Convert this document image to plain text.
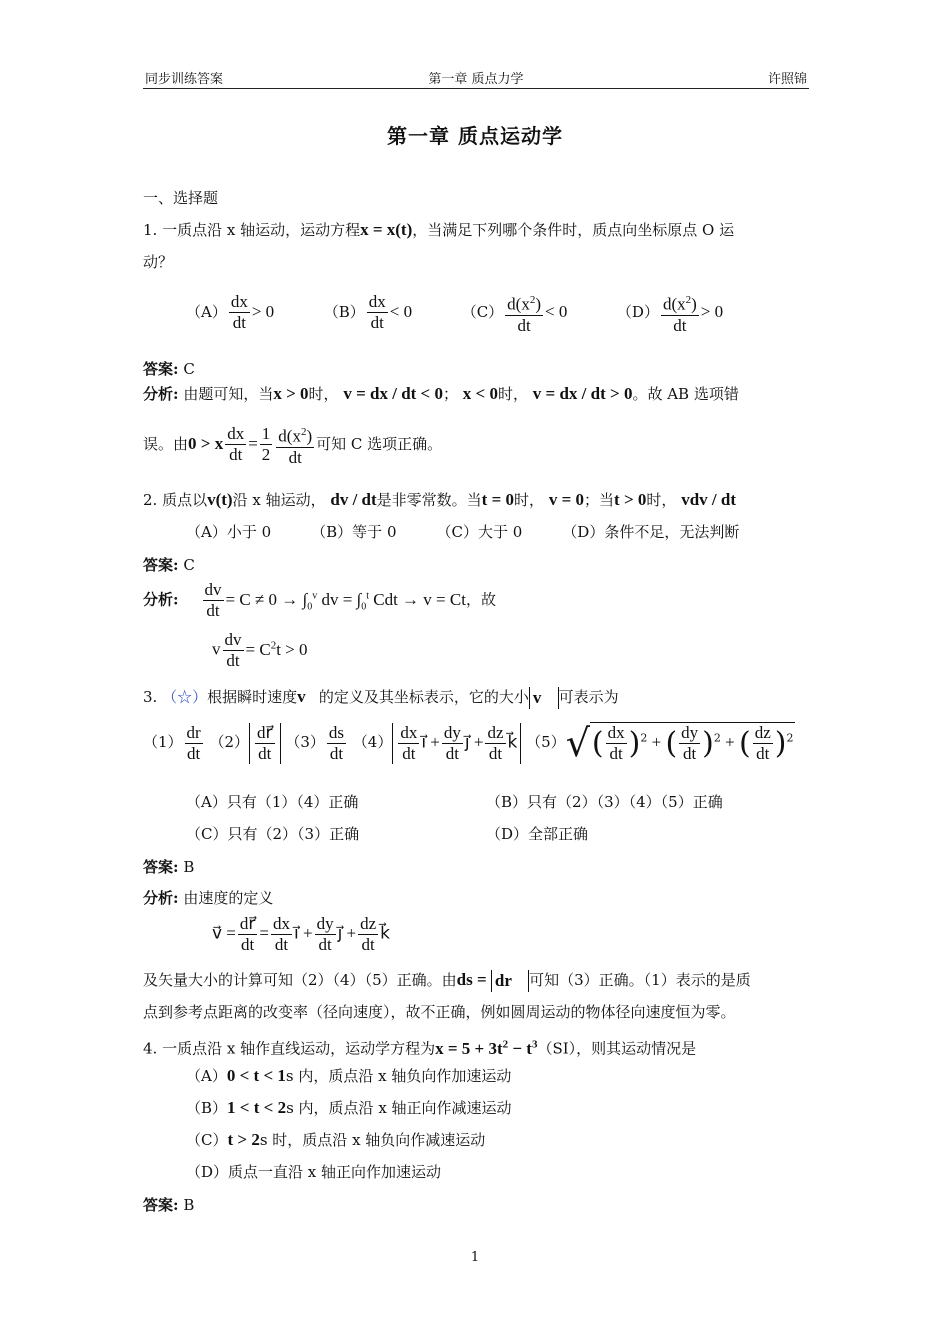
第一章 质点力学
同步训练答案	许照锦
第一章 质点运动学
一、选择题
1. 一质点沿 x 轴运动，运动方程x = x(t)，当满足下列哪个条件时，质点向坐标原点 O 运
动？
$(A) \frac{dx}{dt} > 0$	$(B) \frac{dx}{dt} < 0$	$(C) \frac{d(x^2)}{dt} < 0$	$(D) \frac{d(x^2)}{dt} > 0$
答案: C
分析: 由题可知，当x > 0时， v = dx / dt < 0； x < 0时， v = dx / dt > 0。故 AB 选项错
误。由0 > x $\frac{dx}{dt} = \frac{1}{2} \frac{d(x^2)}{dt}$ 可知 C 选项正确。
2. 质点以v(t)沿 x 轴运动， dv / dt是非零常数。当t = 0时， v = 0；当t > 0时， vdv / dt
（A）小于 0	（B）等于 0	（C）大于 0	（D）条件不足，无法判断
答案: C
分析: $\frac{dv}{dt} = C \ne 0 \to \int_0^v$ dv = $\int_0^t$ Cdt → v = Ct，故
v $\frac{dv}{dt} = C^2t > 0$
3. （☆）根据瞬时速度v⃗的定义及其坐标表示，它的大小 v⃗ 可表示为
$(1) \frac{dr}{dt} (2) \frac{dr⃗}{dt} (3) \frac{ds}{dt} (4) \frac{dx}{dt}$ i⃗ + $\frac{dy}{dt}$ j⃗ + $\frac{dz}{dt}$ k⃗ $(5)√( \frac{dx}{dt} )^2$ + ( $\frac{dy}{dt} )^2$ + ( $\frac{dz}{dt} )^2$
（A）只有（1）（4）正确	（B）只有（2）（3）（4）（5）正确
（C）只有（2）（3）正确	（D）全部正确
答案: B
分析: 由速度的定义
v⃗ = $\frac{dr⃗}{dt} = \frac{dx}{dt}$ i⃗ + $\frac{dy}{dt}$ j⃗ + $\frac{dz}{dt}$ k⃗
及矢量大小的计算可知（2）（4）（5）正确。由ds = dr⃗ 可知（3）正确。（1）表示的是质
点到参考点距离的改变率（径向速度），故不正确，例如圆周运动的物体径向速度恒为零。
4. 一质点沿 x 轴作直线运动，运动学方程为$x = 5 + 3t^2 - t^3(SI)$，则其运动情况是
（A）0 < t < 1s 内，质点沿 x 轴负向作加速运动
（B）1 < t < 2s 内，质点沿 x 轴正向作减速运动
（C）t > 2s 时，质点沿 x 轴负向作减速运动
（D）质点一直沿 x 轴正向作加速运动
答案: B
1
